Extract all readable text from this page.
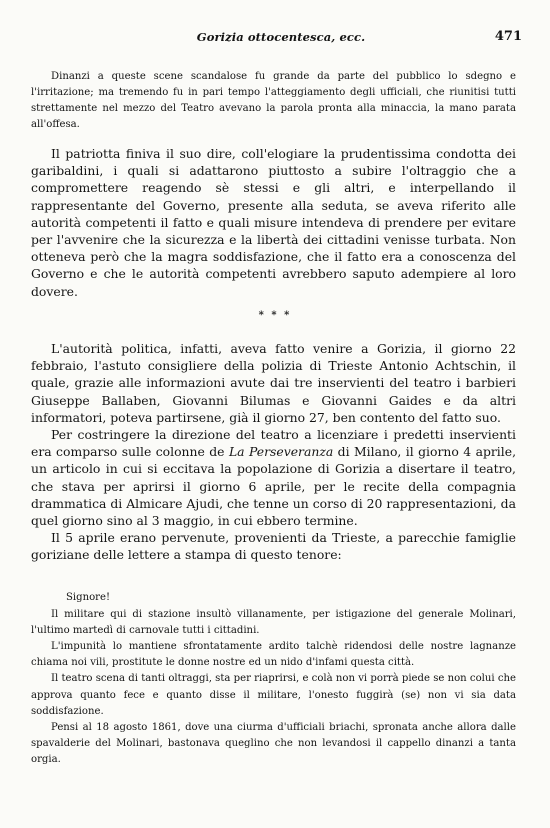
Gorizia ottocentesca, ecc.	471

Dinanzi a queste scene scandalose fu grande da parte del pubblico lo sdegno e l'irritazione; ma tremendo fu in pari tempo l'atteggiamento degli ufficiali, che riunitisi tutti strettamente nel mezzo del Teatro avevano la parola pronta alla minaccia, la mano parata all'offesa.

Il patriotta finiva il suo dire, coll'elogiare la prudentissima condotta dei garibaldini, i quali si adattarono piuttosto a subire l'oltraggio che a compromettere reagendo sè stessi e gli altri, e interpellando il rappresentante del Governo, presente alla seduta, se aveva riferito alle autorità competenti il fatto e quali misure intendeva di prendere per evitare per l'avvenire che la sicurezza e la libertà dei cittadini venisse turbata. Non otteneva però che la magra soddisfazione, che il fatto era a conoscenza del Governo e che le autorità competenti avrebbero saputo adempiere al loro dovere.

* * *

L'autorità politica, infatti, aveva fatto venire a Gorizia, il giorno 22 febbraio, l'astuto consigliere della polizia di Trieste Antonio Achtschin, il quale, grazie alle informazioni avute dai tre inservienti del teatro i barbieri Giuseppe Ballaben, Giovanni Bilumas e Giovanni Gaides e da altri informatori, poteva partirsene, già il giorno 27, ben contento del fatto suo.

Per costringere la direzione del teatro a licenziare i predetti inservienti era comparso sulle colonne de La Perseveranza di Milano, il giorno 4 aprile, un articolo in cui si eccitava la popolazione di Gorizia a disertare il teatro, che stava per aprirsi il giorno 6 aprile, per le recite della compagnia drammatica di Almicare Ajudi, che tenne un corso di 20 rappresentazioni, da quel giorno sino al 3 maggio, in cui ebbero termine.

Il 5 aprile erano pervenute, provenienti da Trieste, a parecchie famiglie goriziane delle lettere a stampa di questo tenore:

Signore!

Il militare qui di stazione insultò villanamente, per istigazione del generale Molinari, l'ultimo martedì di carnovale tutti i cittadini.

L'impunità lo mantiene sfrontatamente ardito talchè ridendosi delle nostre lagnanze chiama noi vili, prostitute le donne nostre ed un nido d'infami questa città.

Il teatro scena di tanti oltraggi, sta per riaprirsi, e colà non vi porrà piede se non colui che approva quanto fece e quanto disse il militare, l'onesto fuggirà (se) non vi sia data soddisfazione.

Pensi al 18 agosto 1861, dove una ciurma d'ufficiali briachi, spronata anche allora dalle spavalderie del Molinari, bastonava queglino che non levandosi il cappello dinanzi a tanta orgia.
